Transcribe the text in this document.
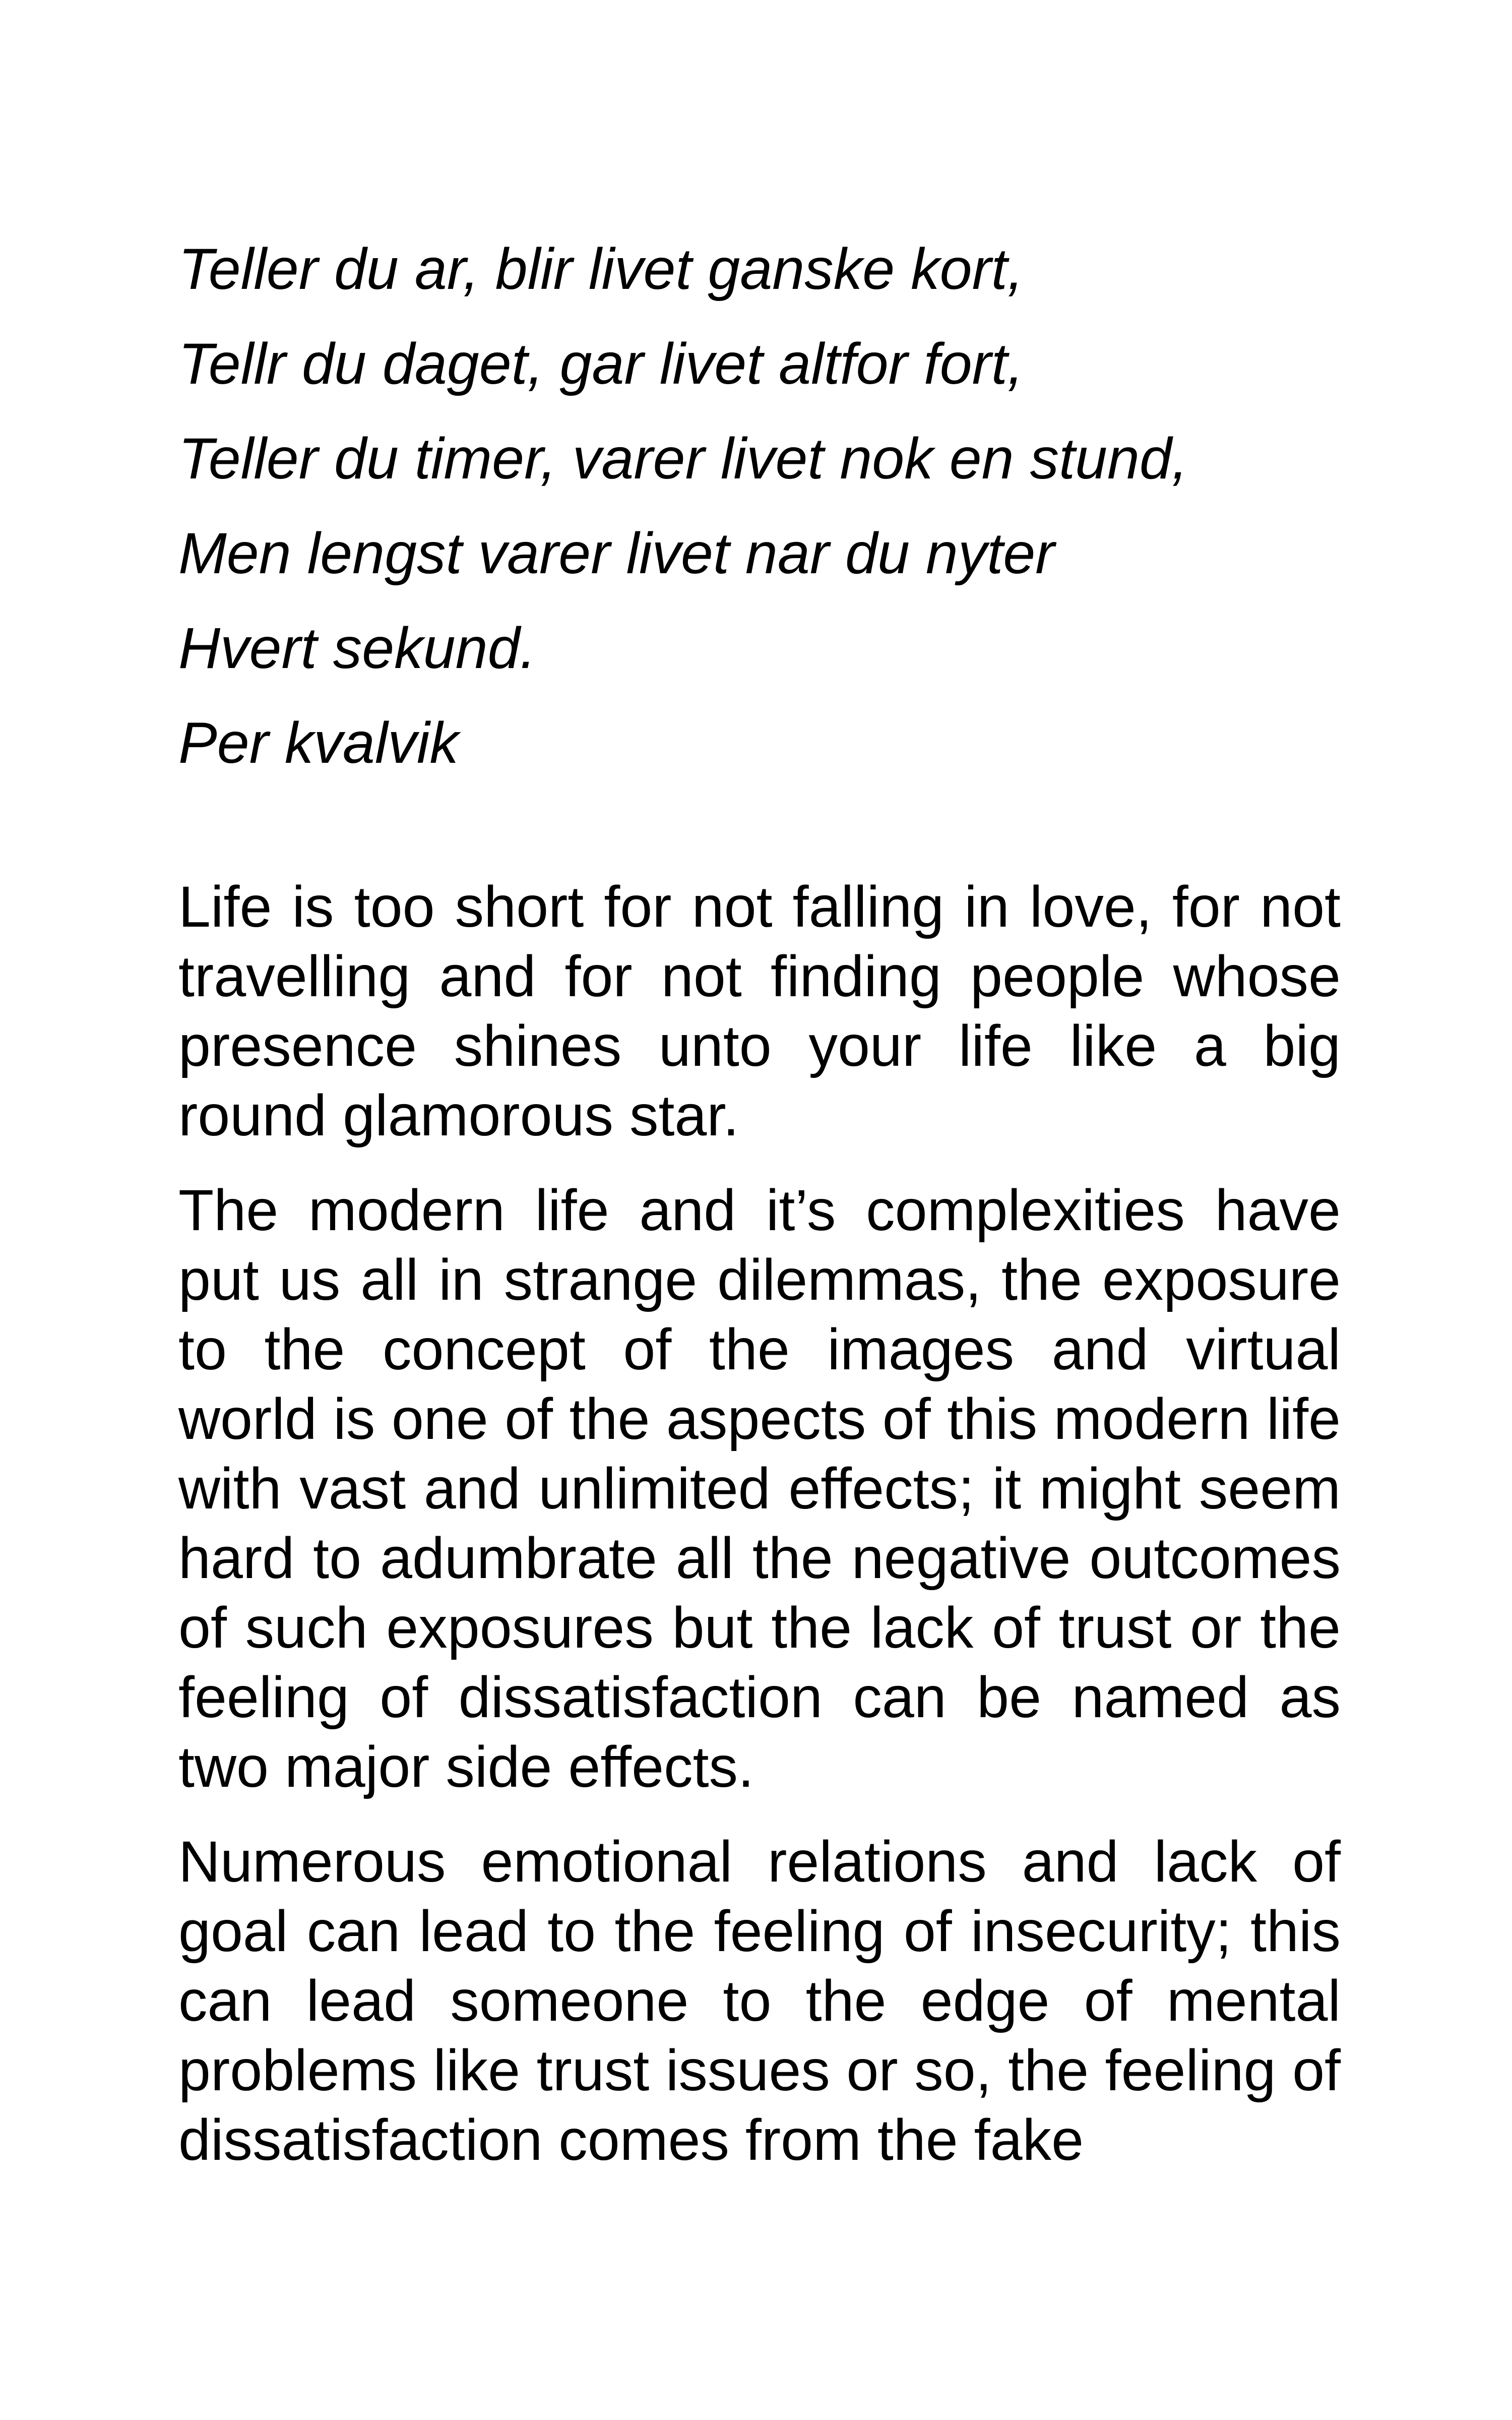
Teller du ar, blir livet ganske kort,

Tellr du daget, gar livet altfor fort,

Teller du timer, varer livet nok en stund,

Men lengst varer livet nar du nyter

Hvert sekund.

Per kvalvik

Life is too short for not falling in love, for not travelling and for not finding people whose presence shines unto your life like a big round glamorous star.

The modern life and it’s complexities have put us all in strange dilemmas, the exposure to the concept of the images and virtual world is one of the aspects of this modern life with vast and unlimited effects; it might seem hard to adumbrate all the negative outcomes of such exposures but the lack of trust or the feeling of dissatisfaction can be named as two major side effects.

Numerous emotional relations and lack of goal can lead to the feeling of insecurity; this can lead someone to the edge of mental problems like trust issues or so, the feeling of dissatisfaction comes from the fake
